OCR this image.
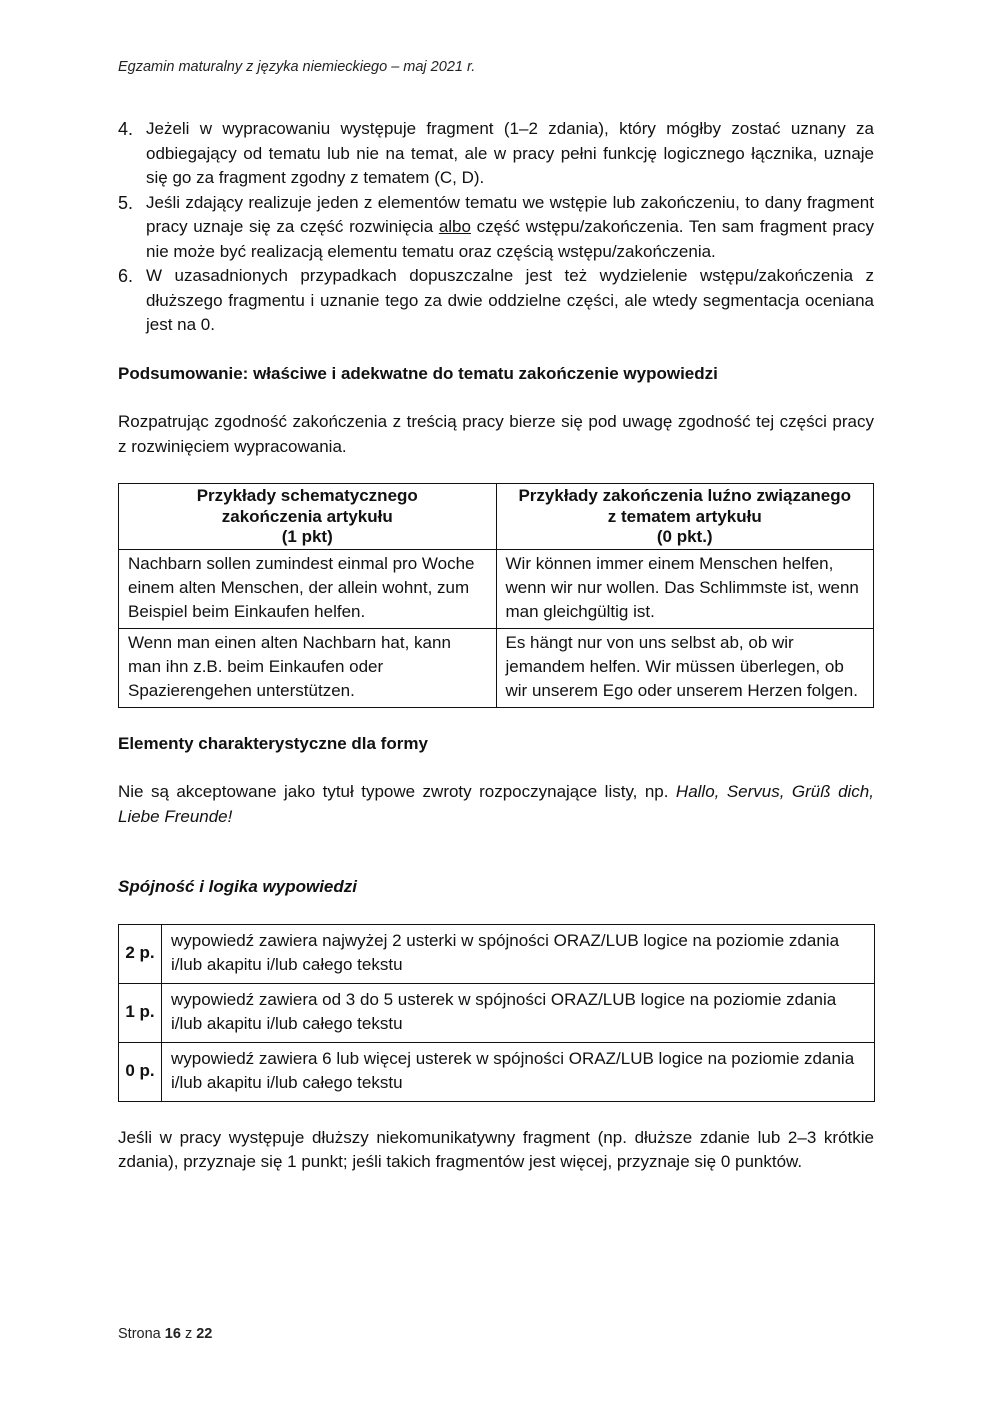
Egzamin maturalny z języka niemieckiego – maj 2021 r.
4. Jeżeli w wypracowaniu występuje fragment (1–2 zdania), który mógłby zostać uznany za odbiegający od tematu lub nie na temat, ale w pracy pełni funkcję logicznego łącznika, uznaje się go za fragment zgodny z tematem (C, D).
5. Jeśli zdający realizuje jeden z elementów tematu we wstępie lub zakończeniu, to dany fragment pracy uznaje się za część rozwinięcia albo część wstępu/zakończenia. Ten sam fragment pracy nie może być realizacją elementu tematu oraz częścią wstępu/zakończenia.
6. W uzasadnionych przypadkach dopuszczalne jest też wydzielenie wstępu/zakończenia z dłuższego fragmentu i uznanie tego za dwie oddzielne części, ale wtedy segmentacja oceniana jest na 0.
Podsumowanie: właściwe i adekwatne do tematu zakończenie wypowiedzi
Rozpatrując zgodność zakończenia z treścią pracy bierze się pod uwagę zgodność tej części pracy z rozwinięciem wypracowania.
Przykłady schematycznego
zakończenia artykułu
(1 pkt)	Przykłady zakończenia luźno związanego
z tematem artykułu
(0 pkt.)

Nachbarn sollen zumindest einmal pro Woche einem alten Menschen, der allein wohnt, zum Beispiel beim Einkaufen helfen.	Wir können immer einem Menschen helfen, wenn wir nur wollen. Das Schlimmste ist, wenn man gleichgültig ist.
Wenn man einen alten Nachbarn hat, kann man ihn z.B. beim Einkaufen oder Spazierengehen unterstützen.	Es hängt nur von uns selbst ab, ob wir jemandem helfen. Wir müssen überlegen, ob wir unserem Ego oder unserem Herzen folgen.
Elementy charakterystyczne dla formy
Nie są akceptowane jako tytuł typowe zwroty rozpoczynające listy, np. Hallo, Servus, Grüß dich, Liebe Freunde!
Spójność i logika wypowiedzi
2 p.	wypowiedź zawiera najwyżej 2 usterki w spójności ORAZ/LUB logice na poziomie zdania i/lub akapitu i/lub całego tekstu
1 p.	wypowiedź zawiera od 3 do 5 usterek w spójności ORAZ/LUB logice na poziomie zdania i/lub akapitu i/lub całego tekstu
0 p.	wypowiedź zawiera 6 lub więcej usterek w spójności ORAZ/LUB logice na poziomie zdania i/lub akapitu i/lub całego tekstu
Jeśli w pracy występuje dłuższy niekomunikatywny fragment (np. dłuższe zdanie lub 2–3 krótkie zdania), przyznaje się 1 punkt; jeśli takich fragmentów jest więcej, przyznaje się 0 punktów.
Strona 16 z 22
